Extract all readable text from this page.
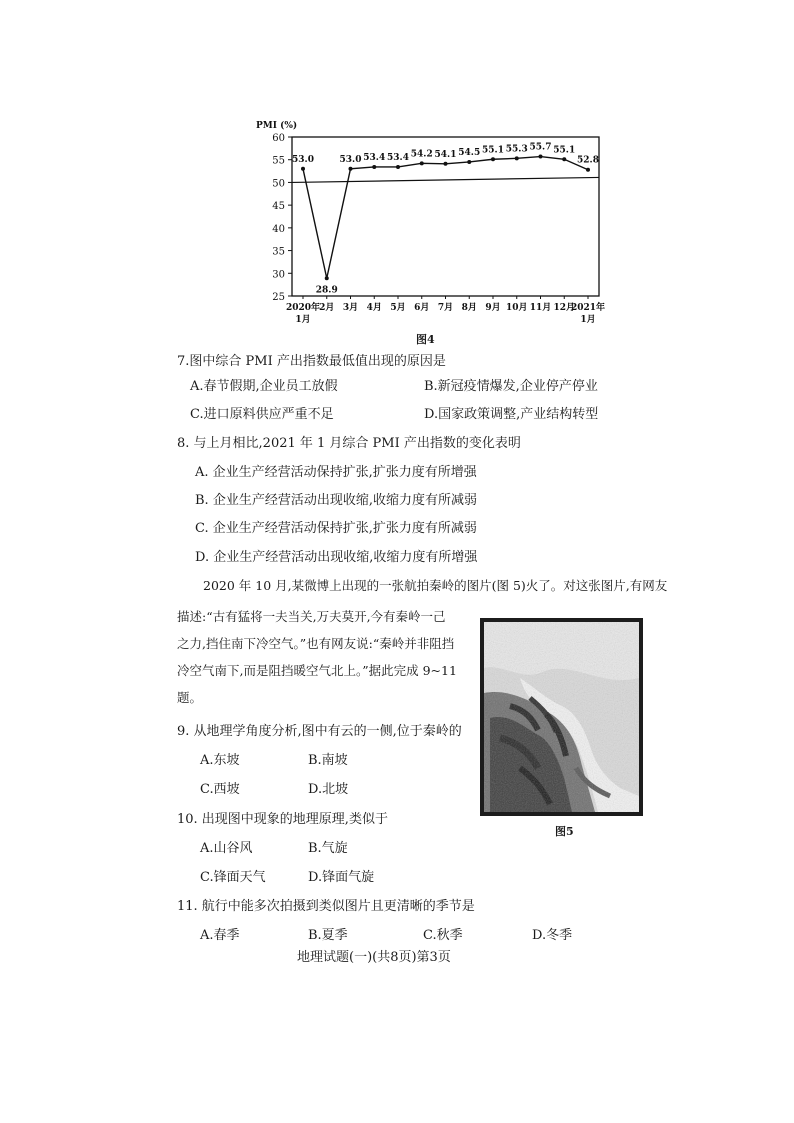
PMI (%)
25
30
35
40
45
50
55
60
2020年
1月
2月 3月 4月 5月 6月 7月 8月 9月 10月 11月 12月
2021年
1月
53.0
28.9
53.0 53.4 53.4 54.2 54.1 54.5 55.1 55.3 55.7 55.1
52.8
图4
7.图中综合 PMI 产出指数最低值出现的原因是
A.春节假期,企业员工放假	B.新冠疫情爆发,企业停产停业
C.进口原料供应严重不足	D.国家政策调整,产业结构转型
8. 与上月相比,2021 年 1 月综合 PMI 产出指数的变化表明
A. 企业生产经营活动保持扩张,扩张力度有所增强
B. 企业生产经营活动出现收缩,收缩力度有所减弱
C. 企业生产经营活动保持扩张,扩张力度有所减弱
D. 企业生产经营活动出现收缩,收缩力度有所增强
2020 年 10 月,某微博上出现的一张航拍秦岭的图片(图 5)火了。对这张图片,有网友
描述:“古有猛将一夫当关,万夫莫开,今有秦岭一己
之力,挡住南下冷空气。”也有网友说:“秦岭并非阻挡
冷空气南下,而是阻挡暖空气北上。”据此完成 9~11
题。
图5
9. 从地理学角度分析,图中有云的一侧,位于秦岭的
A.东坡	B.南坡
C.西坡	D.北坡
10. 出现图中现象的地理原理,类似于
A.山谷风	B.气旋
C.锋面天气	D.锋面气旋
11. 航行中能多次拍摄到类似图片且更清晰的季节是
A.春季	B.夏季	C.秋季	D.冬季
地理试题(一)(共8页)第3页
